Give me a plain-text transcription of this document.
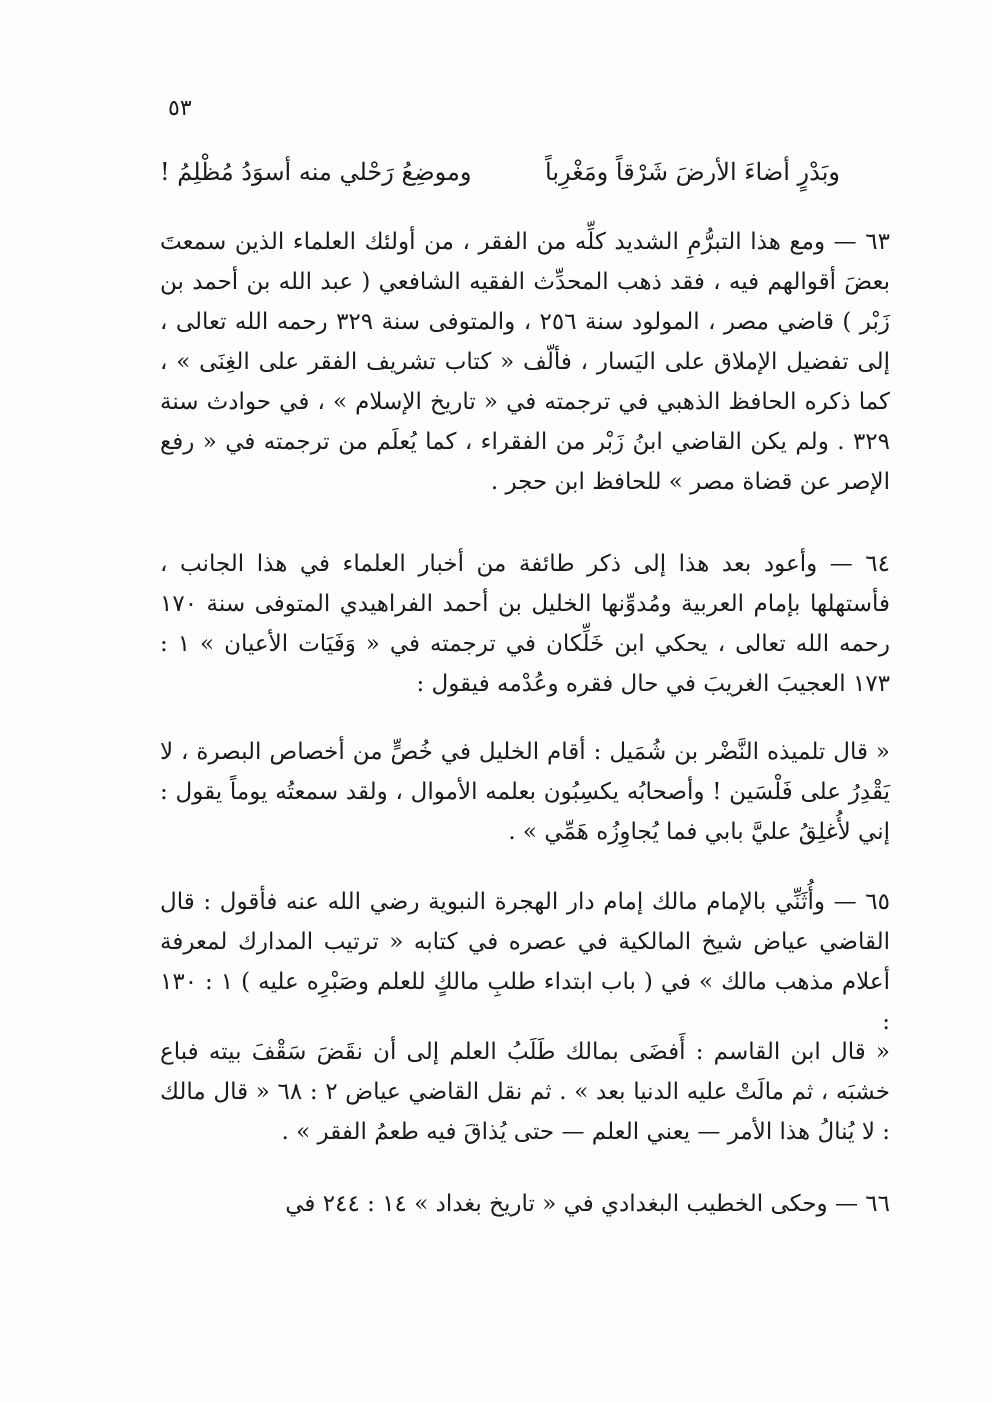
٥٣
وبَدْرٍ أضاءَ الأرضَ شَرْقاً ومَغْرِباً
وموضِعُ رَحْلي منه أسوَدُ مُظْلِمُ !

٦٣ — ومع هذا التبرُّمِ الشديد كلِّه من الفقر ، من أولئك العلماء الذين سمعتَ بعضَ أقوالهم فيه ، فقد ذهب المحدِّث الفقيه الشافعي ( عبد الله بن أحمد بن زَبْر ) قاضي مصر ، المولود سنة ٢٥٦ ، والمتوفى سنة ٣٢٩ رحمه الله تعالى ، إلى تفضيل الإملاق على اليَسار ، فألّف « كتاب تشريف الفقر على الغِنَى » ، كما ذكره الحافظ الذهبي في ترجمته في « تاريخ الإسلام » ، في حوادث سنة ٣٢٩ . ولم يكن القاضي ابنُ زَبْر من الفقراء ، كما يُعلَم من ترجمته في « رفع الإصر عن قضاة مصر » للحافظ ابن حجر .

٦٤ — وأعود بعد هذا إلى ذكر طائفة من أخبار العلماء في هذا الجانب ، فأستهلها بإمام العربية ومُدوِّنها الخليل بن أحمد الفراهيدي المتوفى سنة ١٧٠ رحمه الله تعالى ، يحكي ابن خَلِّكان في ترجمته في « وَفَيَات الأعيان » ١ : ١٧٣ العجيبَ الغريبَ في حال فقره وعُدْمه فيقول :

« قال تلميذه النَّضْر بن شُمَيل : أقام الخليل في خُصٍّ من أخصاص البصرة ، لا يَقْدِرُ على فَلْسَين ! وأصحابُه يكسِبُون بعلمه الأموال ، ولقد سمعتُه يوماً يقول : إني لأُغلِقُ عليَّ بابي فما يُجاوِزُه هَمِّي » .

٦٥ — وأُثَنِّي بالإمام مالك إمام دار الهجرة النبوية رضي الله عنه فأقول : قال القاضي عياض شيخ المالكية في عصره في كتابه « ترتيب المدارك لمعرفة أعلام مذهب مالك » في ( باب ابتداء طلبِ مالكٍ للعلم وصَبْرِه عليه ) ١ : ١٣٠ :

« قال ابن القاسم : أَفضَى بمالك طَلَبُ العلم إلى أن نقَضَ سَقْفَ بيته فباع خشبَه ، ثم مالَتْ عليه الدنيا بعد » . ثم نقل القاضي عياض ٢ : ٦٨ « قال مالك : لا يُنالُ هذا الأمر — يعني العلم — حتى يُذاقَ فيه طعمُ الفقر » .

٦٦ — وحكى الخطيب البغدادي في « تاريخ بغداد » ١٤ : ٢٤٤ في
